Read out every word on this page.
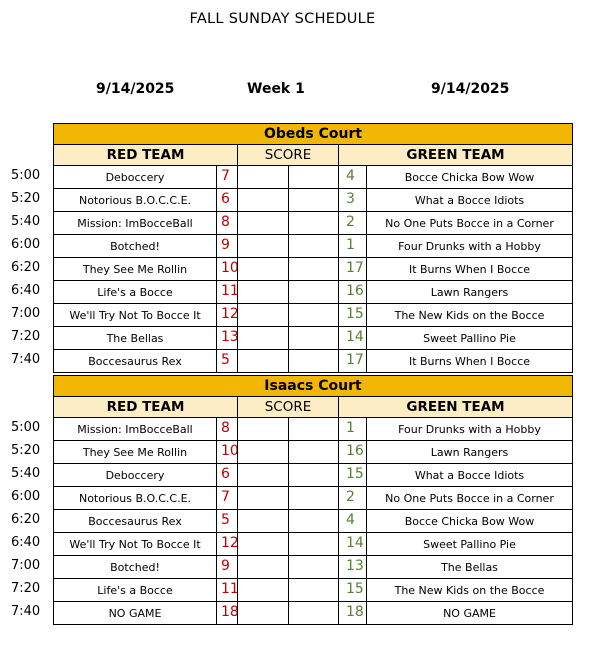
FALL SUNDAY SCHEDULE
9/14/2025	Week 1	9/14/2025
Obeds Court
RED TEAM	SCORE	GREEN TEAM
5:00	Deboccery	7	4	Bocce Chicka Bow Wow
5:20	Notorious B.O.C.C.E.	6	3	What a Bocce Idiots
5:40	Mission: ImBocceBall	8	2	No One Puts Bocce in a Corner
6:00	Botched!	9	1	Four Drunks with a Hobby
6:20	They See Me Rollin	10	17	It Burns When I Bocce
6:40	Life's a Bocce	11	16	Lawn Rangers
7:00	We'll Try Not To Bocce It	12	15	The New Kids on the Bocce
7:20	The Bellas	13	14	Sweet Pallino Pie
7:40	Boccesaurus Rex	5	17	It Burns When I Bocce
Isaacs Court
RED TEAM	SCORE	GREEN TEAM
5:00	Mission: ImBocceBall	8	1	Four Drunks with a Hobby
5:20	They See Me Rollin	10	16	Lawn Rangers
5:40	Deboccery	6	15	What a Bocce Idiots
6:00	Notorious B.O.C.C.E.	7	2	No One Puts Bocce in a Corner
6:20	Boccesaurus Rex	5	4	Bocce Chicka Bow Wow
6:40	We'll Try Not To Bocce It	12	14	Sweet Pallino Pie
7:00	Botched!	9	13	The Bellas
7:20	Life's a Bocce	11	15	The New Kids on the Bocce
7:40	NO GAME	18	18	NO GAME
